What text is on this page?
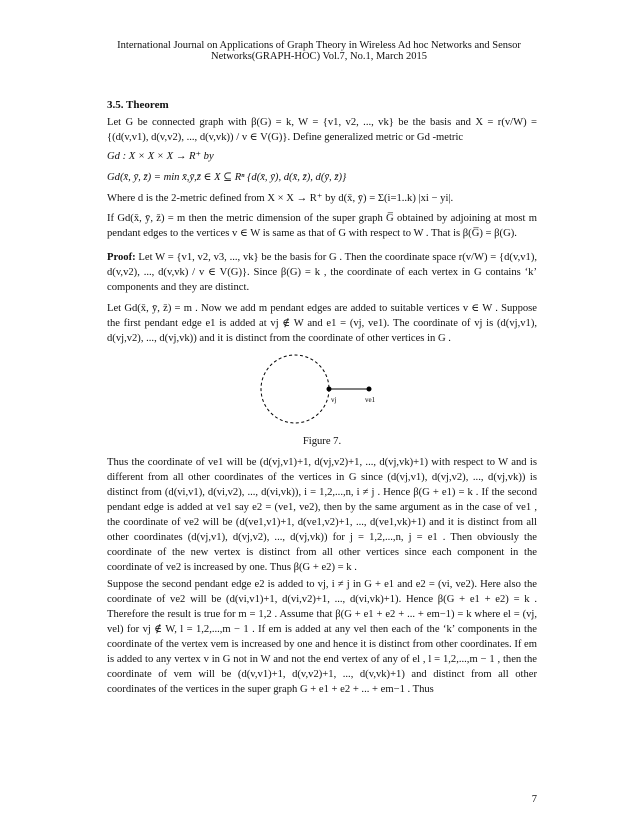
International Journal on Applications of Graph Theory in Wireless Ad hoc Networks and Sensor
Networks(GRAPH-HOC) Vol.7, No.1, March 2015

3.5. Theorem

Let G be connected graph with β(G) = k, W = {v1, v2, ..., vk} be the basis and X = r(v/W) = {(d(v,v1), d(v,v2), ..., d(v,vk)) / v ∈ V(G)}. Define generalized metric or Gd -metric

Gd : X × X × X → R⁺ by

Gd(x̄, ȳ, z̄) = min x̄,ȳ,z̄ ∈ X ⊆ Rⁿ {d(x̄, ȳ), d(x̄, z̄), d(ȳ, z̄)}

Where d is the 2-metric defined from X × X → R⁺ by d(x̄, ȳ) = Σ(i=1..k) |xi − yi|.

If Gd(x̄, ȳ, z̄) = m then the metric dimension of the super graph G̅ obtained by adjoining at most m pendant edges to the vertices v ∈ W is same as that of G with respect to W . That is β(G̅) = β(G).

Proof: Let W = {v1, v2, v3, ..., vk} be the basis for G . Then the coordinate space r(v/W) = {d(v,v1), d(v,v2), ..., d(v,vk) / v ∈ V(G)}. Since β(G) = k , the coordinate of each vertex in G contains ‘k’ components and they are distinct.

Let Gd(x̄, ȳ, z̄) = m . Now we add m pendant edges are added to suitable vertices v ∈ W . Suppose the first pendant edge e1 is added at vj ∉ W and e1 = (vj, ve1). The coordinate of vj is (d(vj,v1), d(vj,v2), ..., d(vj,vk)) and it is distinct from the coordinate of other vertices in G .

vj	ve1

Figure 7.

Thus the coordinate of ve1 will be (d(vj,v1)+1, d(vj,v2)+1, ..., d(vj,vk)+1) with respect to W and is different from all other coordinates of the vertices in G since (d(vj,v1), d(vj,v2), ..., d(vj,vk)) is distinct from (d(vi,v1), d(vi,v2), ..., d(vi,vk)), i = 1,2,...,n, i ≠ j . Hence β(G + e1) = k . If the second pendant edge is added at ve1 say e2 = (ve1, ve2), then by the same argument as in the case of ve1 , the coordinate of ve2 will be (d(ve1,v1)+1, d(ve1,v2)+1, ..., d(ve1,vk)+1) and it is distinct from all other coordinates (d(vj,v1), d(vj,v2), ..., d(vj,vk)) for j = 1,2,...,n, j = e1 . Then obviously the coordinate of the new vertex is distinct from all other vertices since each component in the coordinate of ve2 is increased by one. Thus β(G + e2) = k .

Suppose the second pendant edge e2 is added to vj, i ≠ j in G + e1 and e2 = (vi, ve2). Here also the coordinate of ve2 will be (d(vi,v1)+1, d(vi,v2)+1, ..., d(vi,vk)+1). Hence β(G + e1 + e2) = k . Therefore the result is true for m = 1,2 . Assume that β(G + e1 + e2 + ... + em−1) = k where el = (vj, vel) for vj ∉ W, l = 1,2,...,m − 1 . If em is added at any vel then each of the ‘k’ components in the coordinate of the vertex vem is increased by one and hence it is distinct from other coordinates. If em is added to any vertex v in G not in W and not the end vertex of any of el , l = 1,2,...,m − 1 , then the coordinate of vem will be (d(v,v1)+1, d(v,v2)+1, ..., d(v,vk)+1) and distinct from all other coordinates of the vertices in the super graph G + e1 + e2 + ... + em−1 . Thus

7
